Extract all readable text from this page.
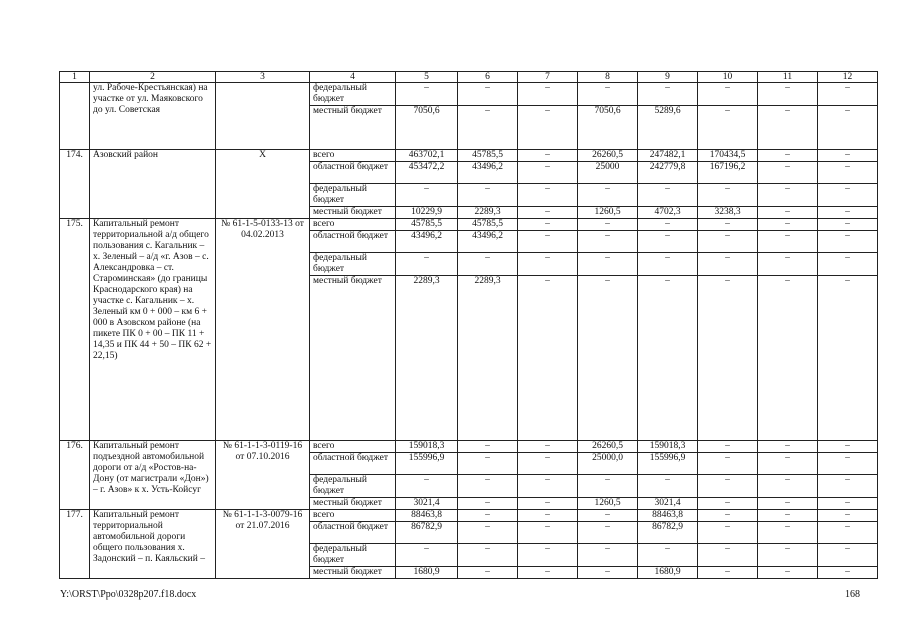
1	2	3	4	5	6	7	8	9	10	11	12
	ул. Рабоче-Крестьянская) на участке от ул. Маяковского до ул. Советская		федеральный бюджет	–	–	–	–	–	–	–	–
			местный бюджет	7050,6	–	–	7050,6	5289,6	–	–	–
174.	Азовский район	Х	всего	463702,1	45785,5	–	26260,5	247482,1	170434,5	–	–
			областной бюджет	453472,2	43496,2	–	25000	242779,8	167196,2	–	–
			федеральный бюджет	–	–	–	–	–	–	–	–
			местный бюджет	10229,9	2289,3	–	1260,5	4702,3	3238,3	–	–
175.	Капитальный ремонт территориальной а/д общего пользования с. Кагальник – х. Зеленый – а/д «г. Азов – с. Александровка – ст. Староминская» (до границы Краснодарского края) на участке с. Кагальник – х. Зеленый км 0 + 000 – км 6 + 000 в Азовском районе (на пикете ПК 0 + 00 – ПК 11 + 14,35 и ПК 44 + 50 – ПК 62 + 22,15)	№ 61-1-5-0133-13 от 04.02.2013	всего	45785,5	45785,5	–	–	–	–	–	–
			областной бюджет	43496,2	43496,2	–	–	–	–	–	–
			федеральный бюджет	–	–	–	–	–	–	–	–
			местный бюджет	2289,3	2289,3	–	–	–	–	–	–
176.	Капитальный ремонт подъездной автомобильной дороги от а/д «Ростов-на-Дону (от магистрали «Дон») – г. Азов» к х. Усть-Койсуг	№ 61-1-1-3-0119-16 от 07.10.2016	всего	159018,3	–	–	26260,5	159018,3	–	–	–
			областной бюджет	155996,9	–	–	25000,0	155996,9	–	–	–
			федеральный бюджет	–	–	–	–	–	–	–	–
			местный бюджет	3021,4	–	–	1260,5	3021,4	–	–	–
177.	Капитальный ремонт территориальной автомобильной дороги общего пользования х. Задонский – п. Каяльский –	№ 61-1-1-3-0079-16 от 21.07.2016	всего	88463,8	–	–	–	88463,8	–	–	–
			областной бюджет	86782,9	–	–	–	86782,9	–	–	–
			федеральный бюджет	–	–	–	–	–	–	–	–
			местный бюджет	1680,9	–	–	–	1680,9	–	–	–
Y:\ORST\Ppo\0328p207.f18.docx	168
